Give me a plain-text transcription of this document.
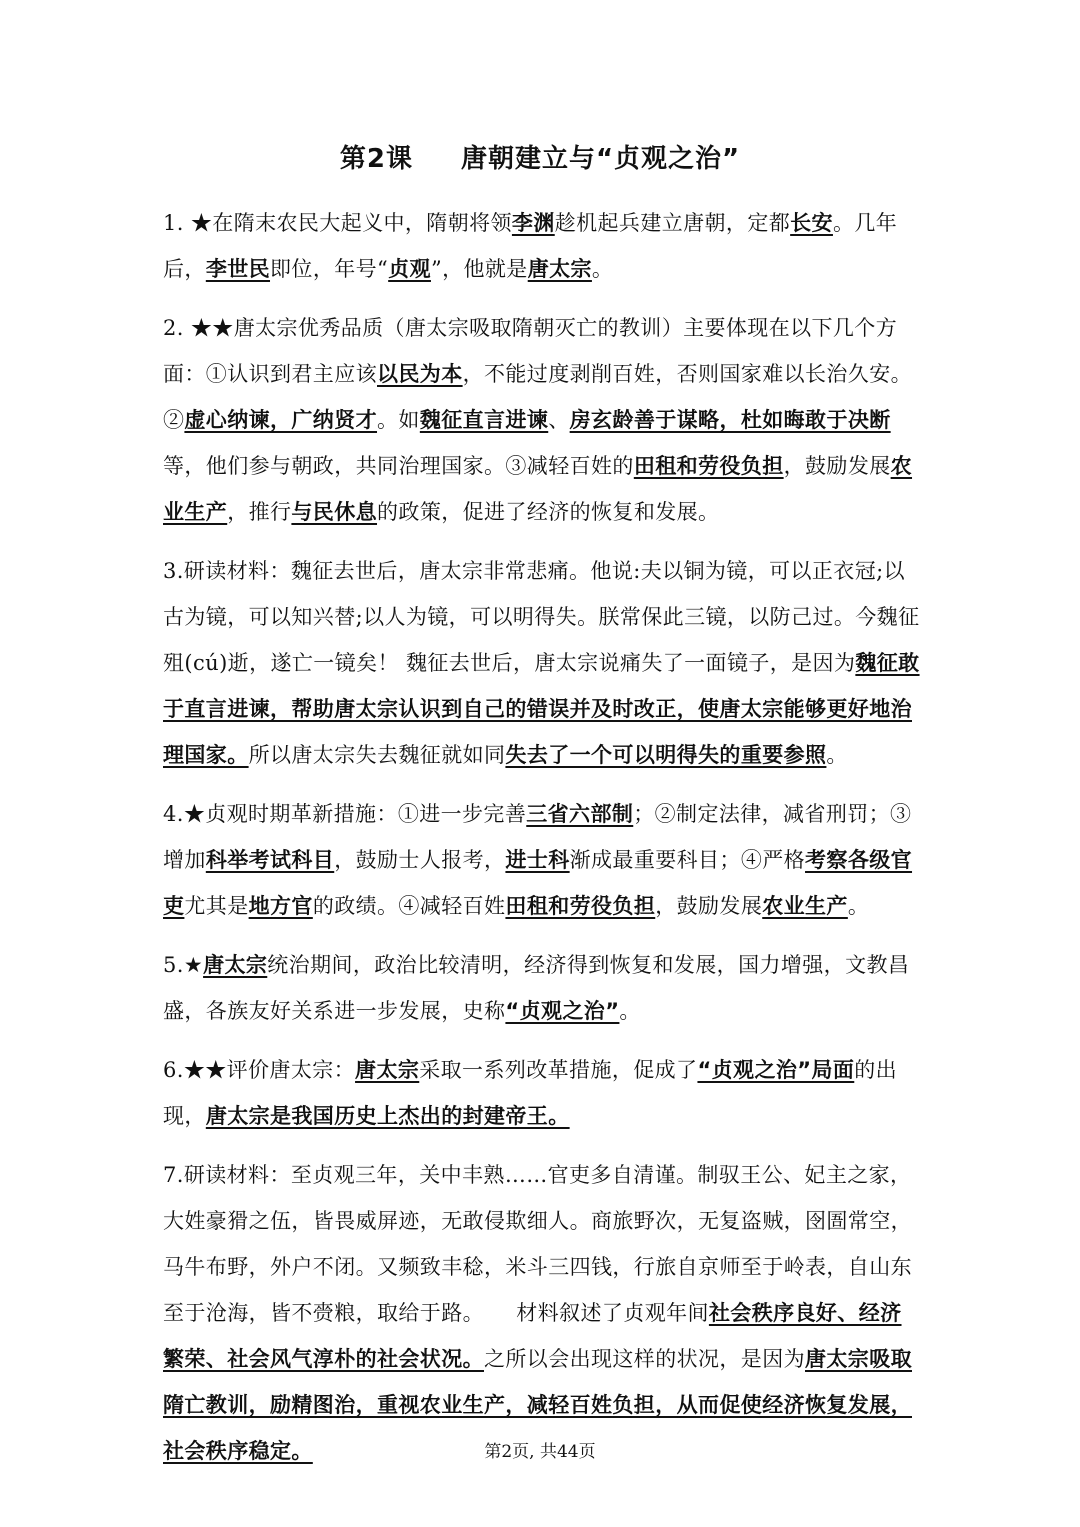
第2课 唐朝建立与“贞观之治”

1. ★在隋末农民大起义中，隋朝将领李渊趁机起兵建立唐朝，定都长安。几年后，李世民即位，年号“贞观”，他就是唐太宗。

2. ★★唐太宗优秀品质（唐太宗吸取隋朝灭亡的教训）主要体现在以下几个方面：①认识到君主应该以民为本，不能过度剥削百姓，否则国家难以长治久安。②虚心纳谏，广纳贤才。如魏征直言进谏、房玄龄善于谋略，杜如晦敢于决断等，他们参与朝政，共同治理国家。③减轻百姓的田租和劳役负担，鼓励发展农业生产，推行与民休息的政策，促进了经济的恢复和发展。

3.研读材料：魏征去世后，唐太宗非常悲痛。他说:夫以铜为镜，可以正衣冠;以古为镜，可以知兴替;以人为镜，可以明得失。朕常保此三镜，以防己过。今魏征殂(cú)逝，遂亡一镜矣！ 魏征去世后，唐太宗说痛失了一面镜子，是因为魏征敢于直言进谏，帮助唐太宗认识到自己的错误并及时改正，使唐太宗能够更好地治理国家。所以唐太宗失去魏征就如同失去了一个可以明得失的重要参照。

4.★贞观时期革新措施：①进一步完善三省六部制；②制定法律，减省刑罚；③增加科举考试科目，鼓励士人报考，进士科渐成最重要科目；④严格考察各级官吏尤其是地方官的政绩。④减轻百姓田租和劳役负担，鼓励发展农业生产。

5.★唐太宗统治期间，政治比较清明，经济得到恢复和发展，国力增强，文教昌盛，各族友好关系进一步发展，史称“贞观之治”。

6.★★评价唐太宗：唐太宗采取一系列改革措施，促成了“贞观之治”局面的出现，唐太宗是我国历史上杰出的封建帝王。

7.研读材料：至贞观三年，关中丰熟……官吏多自清谨。制驭王公、妃主之家，大姓豪猾之伍，皆畏威屏迹，无敢侵欺细人。商旅野次，无复盗贼，囹圄常空，马牛布野，外户不闭。又频致丰稔，米斗三四钱，行旅自京师至于岭表，自山东至于沧海，皆不赍粮，取给于路。　　材料叙述了贞观年间社会秩序良好、经济繁荣、社会风气淳朴的社会状况。之所以会出现这样的状况，是因为唐太宗吸取隋亡教训，励精图治，重视农业生产，减轻百姓负担，从而促使经济恢复发展，社会秩序稳定。	第2页, 共44页
